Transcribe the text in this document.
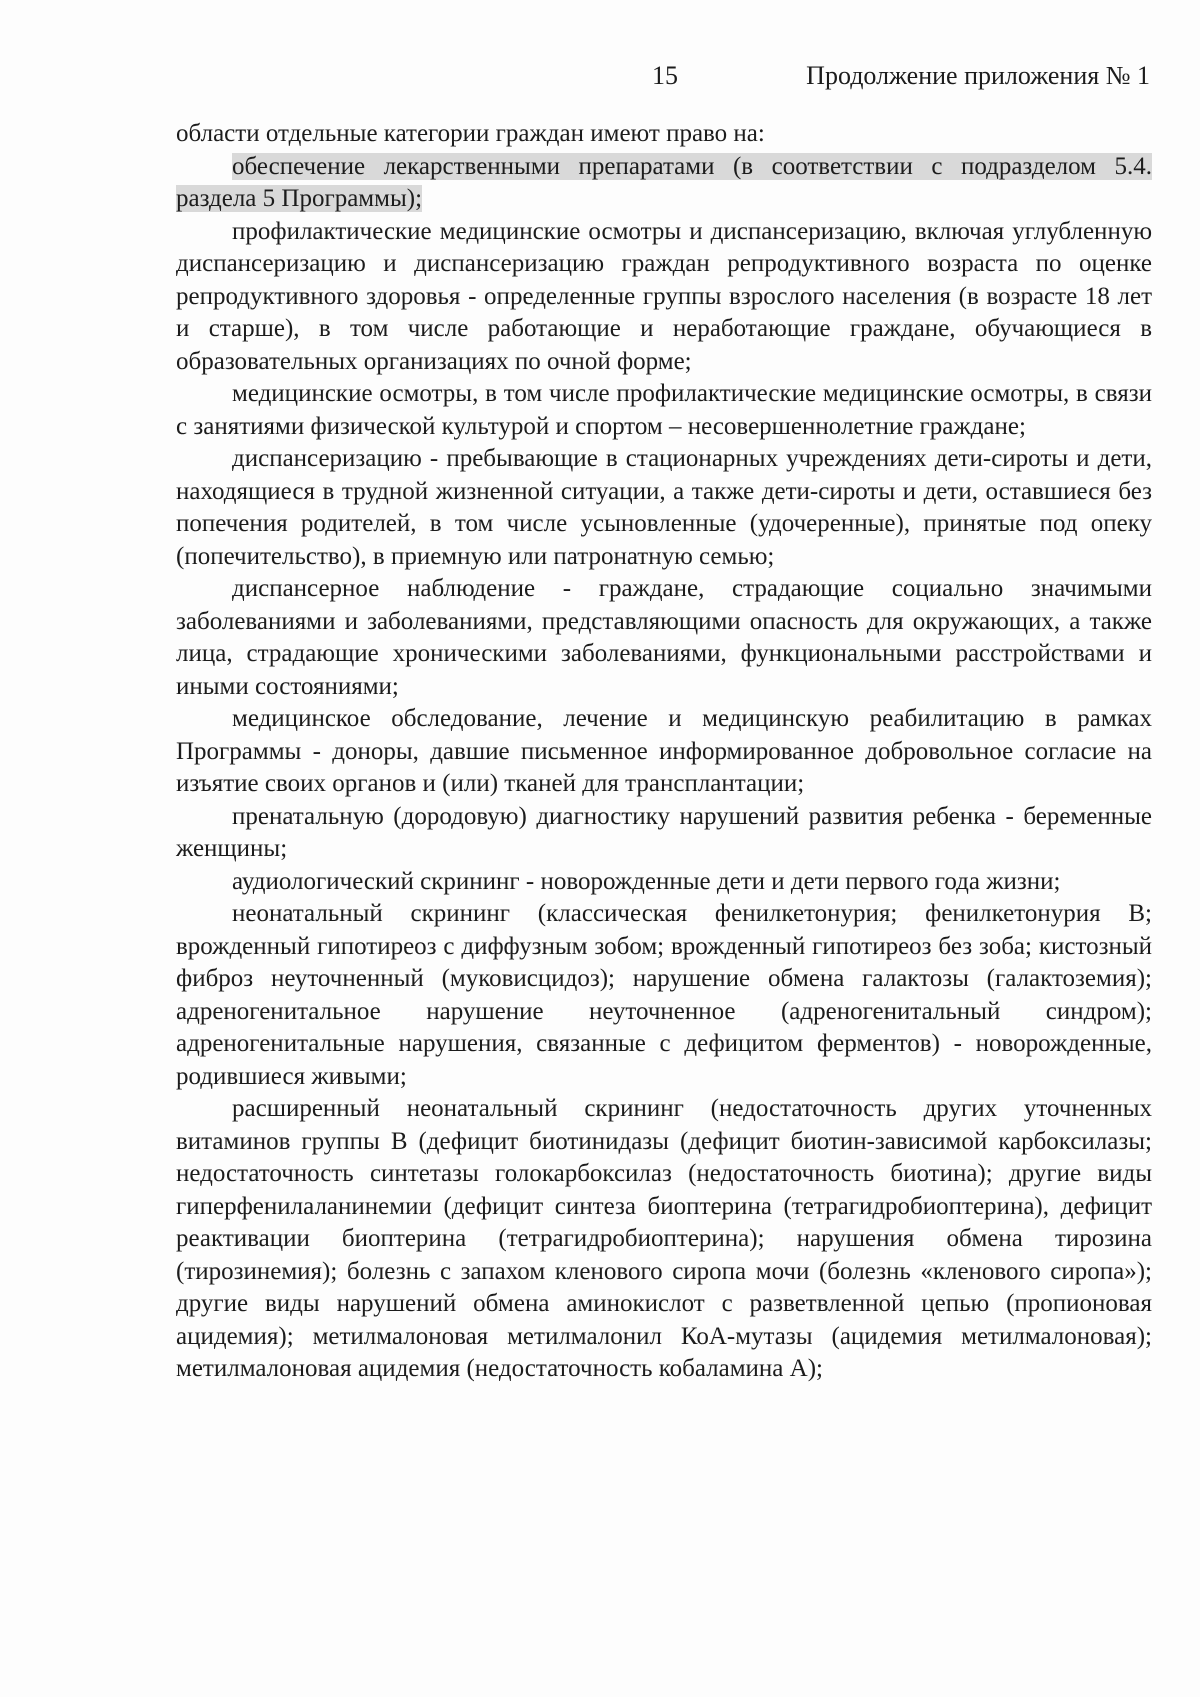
15	Продолжение приложения № 1

области отдельные категории граждан имеют право на:

обеспечение лекарственными препаратами (в соответствии с подразделом 5.4. раздела 5 Программы);

профилактические медицинские осмотры и диспансеризацию, включая углубленную диспансеризацию и диспансеризацию граждан репродуктивного возраста по оценке репродуктивного здоровья - определенные группы взрослого населения (в возрасте 18 лет и старше), в том числе работающие и неработающие граждане, обучающиеся в образовательных организациях по очной форме;

медицинские осмотры, в том числе профилактические медицинские осмотры, в связи с занятиями физической культурой и спортом – несовершеннолетние граждане;

диспансеризацию - пребывающие в стационарных учреждениях дети-сироты и дети, находящиеся в трудной жизненной ситуации, а также дети-сироты и дети, оставшиеся без попечения родителей, в том числе усыновленные (удочеренные), принятые под опеку (попечительство), в приемную или патронатную семью;

диспансерное наблюдение - граждане, страдающие социально значимыми заболеваниями и заболеваниями, представляющими опасность для окружающих, а также лица, страдающие хроническими заболеваниями, функциональными расстройствами и иными состояниями;

медицинское обследование, лечение и медицинскую реабилитацию в рамках Программы - доноры, давшие письменное информированное добровольное согласие на изъятие своих органов и (или) тканей для трансплантации;

пренатальную (дородовую) диагностику нарушений развития ребенка - беременные женщины;

аудиологический скрининг - новорожденные дети и дети первого года жизни;

неонатальный скрининг (классическая фенилкетонурия; фенилкетонурия В; врожденный гипотиреоз с диффузным зобом; врожденный гипотиреоз без зоба; кистозный фиброз неуточненный (муковисцидоз); нарушение обмена галактозы (галактоземия); адреногенитальное нарушение неуточненное (адреногенитальный синдром); адреногенитальные нарушения, связанные с дефицитом ферментов) - новорожденные, родившиеся живыми;

расширенный неонатальный скрининг (недостаточность других уточненных витаминов группы В (дефицит биотинидазы (дефицит биотин-зависимой карбоксилазы; недостаточность синтетазы голокарбоксилаз (недостаточность биотина); другие виды гиперфенилаланинемии (дефицит синтеза биоптерина (тетрагидробиоптерина), дефицит реактивации биоптерина (тетрагидробиоптерина); нарушения обмена тирозина (тирозинемия); болезнь с запахом кленового сиропа мочи (болезнь «кленового сиропа»); другие виды нарушений обмена аминокислот с разветвленной цепью (пропионовая ацидемия); метилмалоновая метилмалонил КоА-мутазы (ацидемия метилмалоновая); метилмалоновая ацидемия (недостаточность кобаламина А);
